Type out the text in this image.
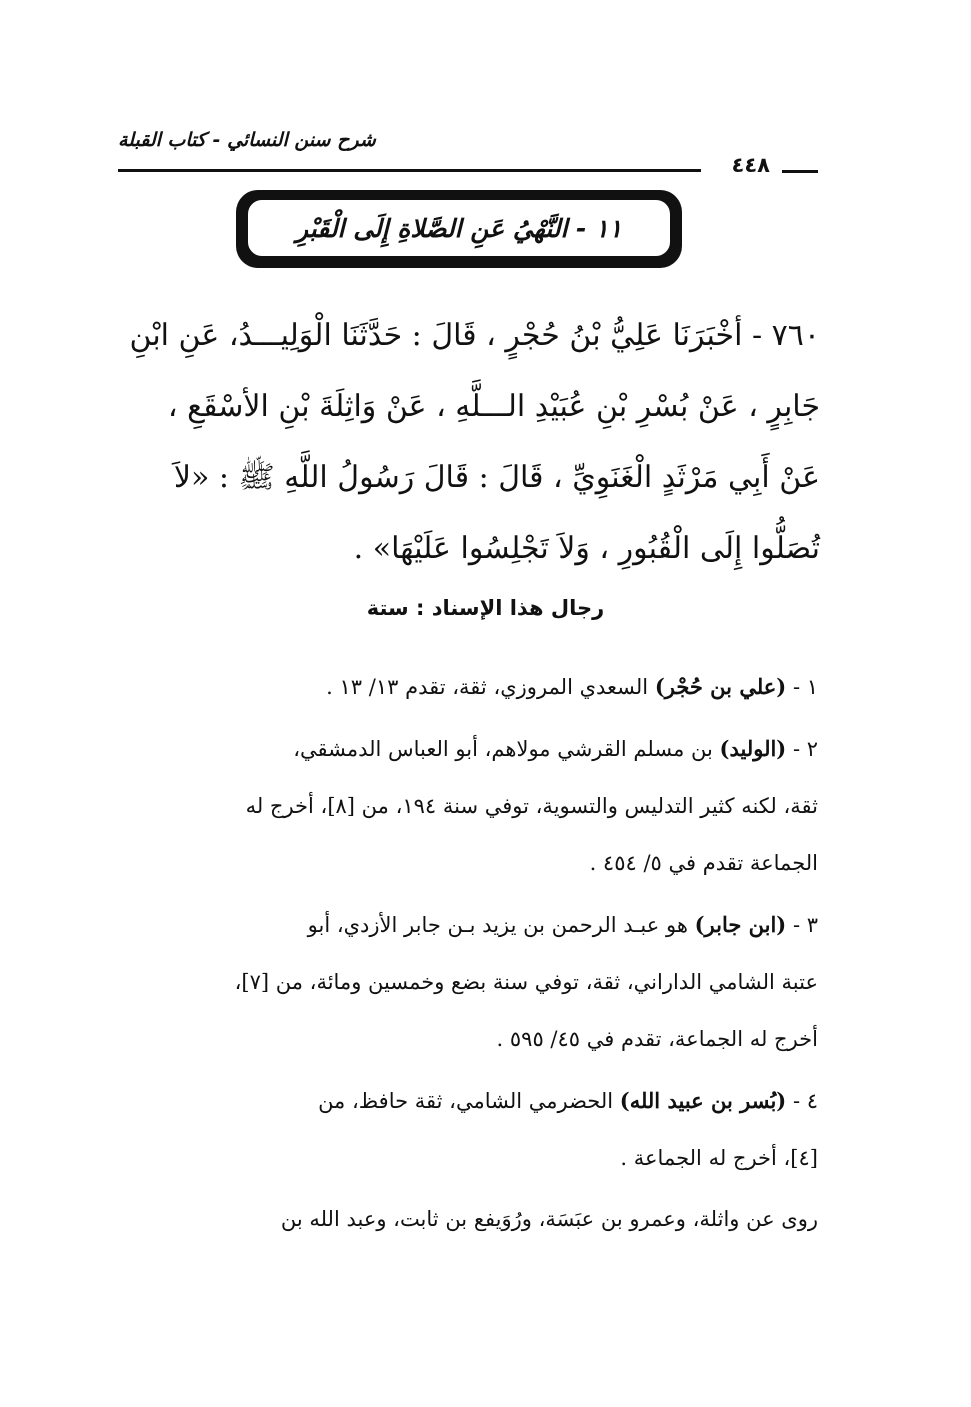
شرح سنن النسائي - كتاب القبلة
٤٤٨
١١ - النَّهْيُ عَنِ الصَّلاةِ إِلَى الْقَبْرِ
٧٦٠ - أخْبَرَنَا عَلِيُّ بْنُ حُجْرٍ ، قَالَ : حَدَّثَنَا الْوَلِيـــدُ، عَنِ ابْنِ
جَابِرٍ ، عَنْ بُسْرِ بْنِ عُبَيْدِ الـــلَّهِ ، عَنْ وَاثِلَةَ بْنِ الأسْقَعِ ،
عَنْ أَبِي مَرْثَدٍ الْغَنَوِيِّ ، قَالَ : قَالَ رَسُولُ اللَّهِ ﷺ : «لاَ
تُصَلُّوا إِلَى الْقُبُورِ ، وَلاَ تَجْلِسُوا عَلَيْهَا» .
رجال هذا الإسناد : ستة
١ - (علي بن حُجْر) السعدي المروزي، ثقة، تقدم ١٣/ ١٣ .
٢ - (الوليد) بن مسلم القرشي مولاهم، أبو العباس الدمشقي،
ثقة، لكنه كثير التدليس والتسوية، توفي سنة ١٩٤، من [٨]، أخرج له
الجماعة تقدم في ٥/ ٤٥٤ .
٣ - (ابن جابر) هو عبـد الرحمن بن يزيد بـن جابر الأزدي، أبو
عتبة الشامي الداراني، ثقة، توفي سنة بضع وخمسين ومائة، من [٧]،
أخرج له الجماعة، تقدم في ٤٥/ ٥٩٥ .
٤ - (بُسر بن عبيد الله) الحضرمي الشامي، ثقة حافظ، من
[٤]، أخرج له الجماعة .
روى عن واثلة، وعمرو بن عبَسَة، ورُوَيفع بن ثابت، وعبد الله بن
